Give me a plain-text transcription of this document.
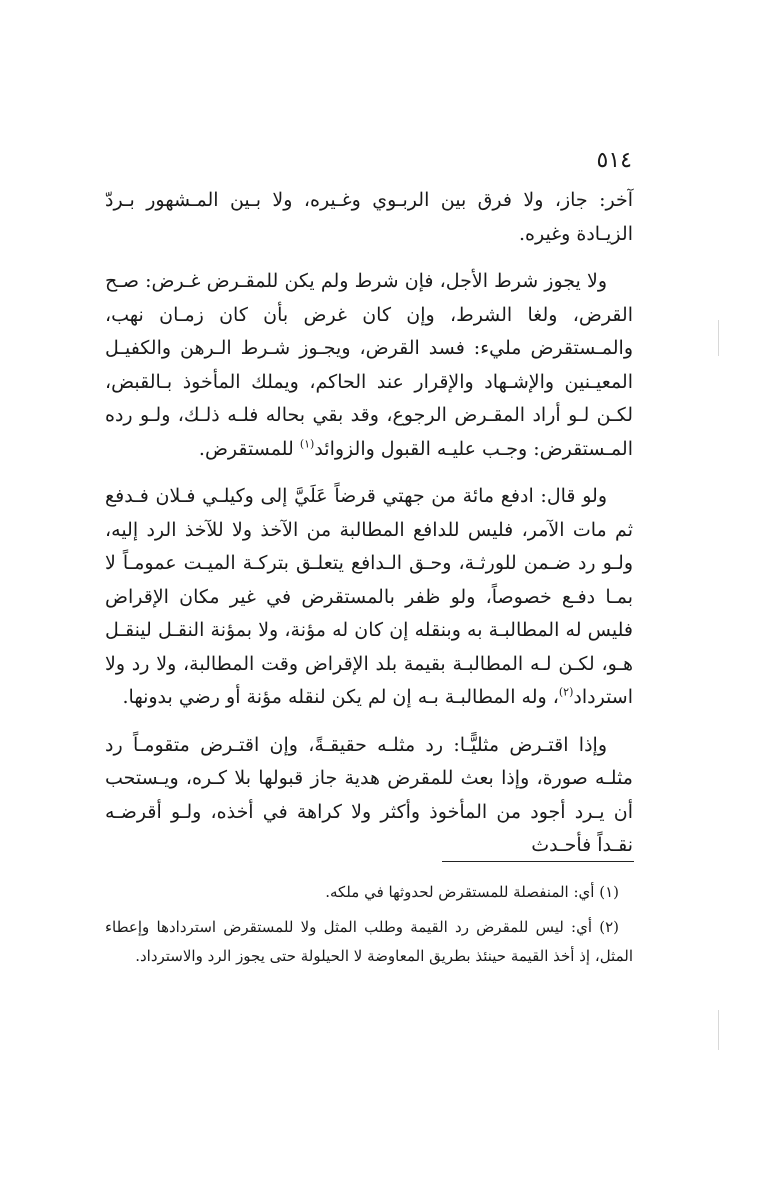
٥١٤

آخر: جاز، ولا فرق بين الربـوي وغـيره، ولا بـين المـشهور بـردّ الزيـادة وغيره.

ولا يجوز شرط الأجل، فإن شرط ولم يكن للمقـرض غـرض: صـح القرض، ولغا الشرط، وإن كان غرض بأن كان زمـان نهب، والمـستقرض مليء: فسد القرض، ويجـوز شـرط الـرهن والكفيـل المعيـنين والإشـهاد والإقرار عند الحاكم، ويملك المأخوذ بـالقبض، لكـن لـو أراد المقـرض الرجوع، وقد بقي بحاله فلـه ذلـك، ولـو رده المـستقرض: وجـب عليـه القبول والزوائد$^{(١)}$ للمستقرض.

ولو قال: ادفع مائة من جهتي قرضاً عَلَيَّ إلى وكيلـي فـلان فـدفع ثم مات الآمر، فليس للدافع المطالبة من الآخذ ولا للآخذ الرد إليه، ولـو رد ضـمن للورثـة، وحـق الـدافع يتعلـق بتركـة الميـت عمومـاً لا بمـا دفـع خصوصاً، ولو ظفر بالمستقرض في غير مكان الإقراض فليس له المطالبـة به وبنقله إن كان له مؤنة، ولا بمؤنة النقـل لينقـل هـو، لكـن لـه المطالبـة بقيمة بلد الإقراض وقت المطالبة، ولا رد ولا استرداد$^{(٢)}$، وله المطالبـة بـه إن لم يكن لنقله مؤنة أو رضي بدونها.

وإذا اقتـرض مثليًّـا: رد مثلـه حقيقـةً، وإن اقتـرض متقومـاً رد مثلـه صورة، وإذا بعث للمقرض هدية جاز قبولها بلا كـره، ويـستحب أن يـرد أجود من المأخوذ وأكثر ولا كراهة في أخذه، ولـو أقرضـه نقـداً فأحـدث

(١) أي: المنفصلة للمستقرض لحدوثها في ملكه.

(٢) أي: ليس للمقرض رد القيمة وطلب المثل ولا للمستقرض استردادها وإعطاء المثل، إذ أخذ القيمة حينئذ بطريق المعاوضة لا الحيلولة حتى يجوز الرد والاسترداد.
